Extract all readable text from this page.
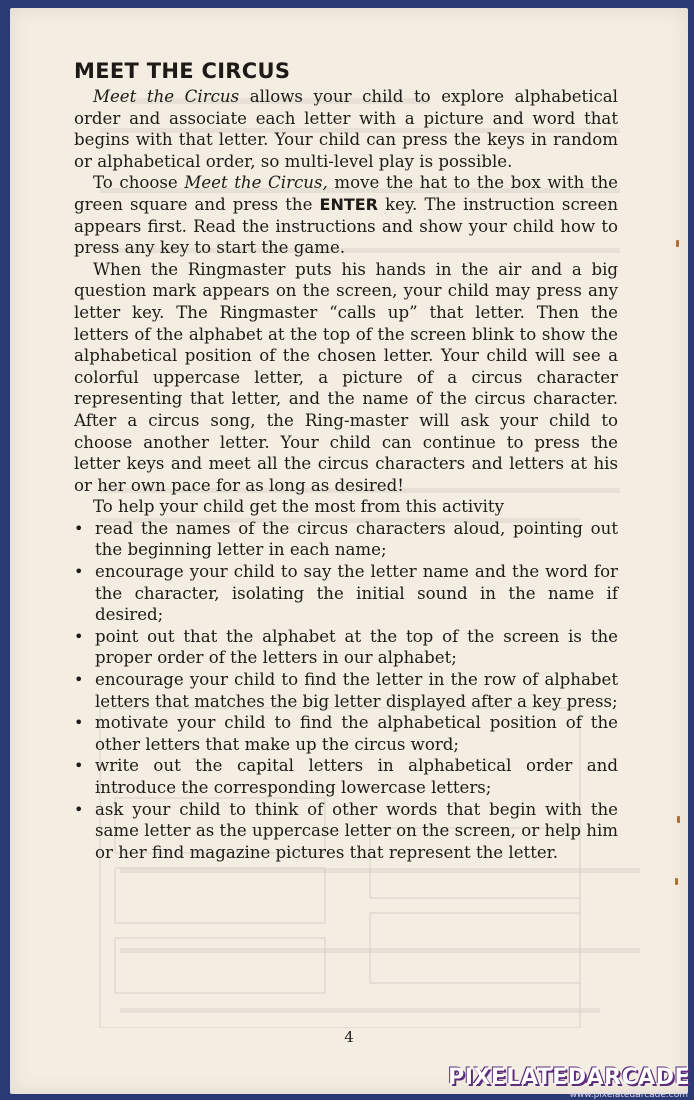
MEET THE CIRCUS

Meet the Circus allows your child to explore alphabetical order and associate each letter with a picture and word that begins with that letter. Your child can press the keys in random or alphabetical order, so multi-level play is possible.

To choose Meet the Circus, move the hat to the box with the green square and press the ENTER key. The instruction screen appears first. Read the instructions and show your child how to press any key to start the game.

When the Ringmaster puts his hands in the air and a big question mark appears on the screen, your child may press any letter key. The Ringmaster “calls up” that letter. Then the letters of the alphabet at the top of the screen blink to show the alphabetical position of the chosen letter. Your child will see a colorful uppercase letter, a picture of a circus character representing that letter, and the name of the circus character. After a circus song, the Ring-master will ask your child to choose another letter. Your child can continue to press the letter keys and meet all the circus characters and letters at his or her own pace for as long as desired!

To help your child get the most from this activity

• read the names of the circus characters aloud, pointing out the beginning letter in each name;
• encourage your child to say the letter name and the word for the character, isolating the initial sound in the name if desired;
• point out that the alphabet at the top of the screen is the proper order of the letters in our alphabet;
• encourage your child to find the letter in the row of alphabet letters that matches the big letter displayed after a key press;
• motivate your child to find the alphabetical position of the other letters that make up the circus word;
• write out the capital letters in alphabetical order and introduce the corresponding lowercase letters;
• ask your child to think of other words that begin with the same letter as the uppercase letter on the screen, or help him or her find magazine pictures that represent the letter.
4
PIXELATEDARCADE
www.pixelatedarcade.com
